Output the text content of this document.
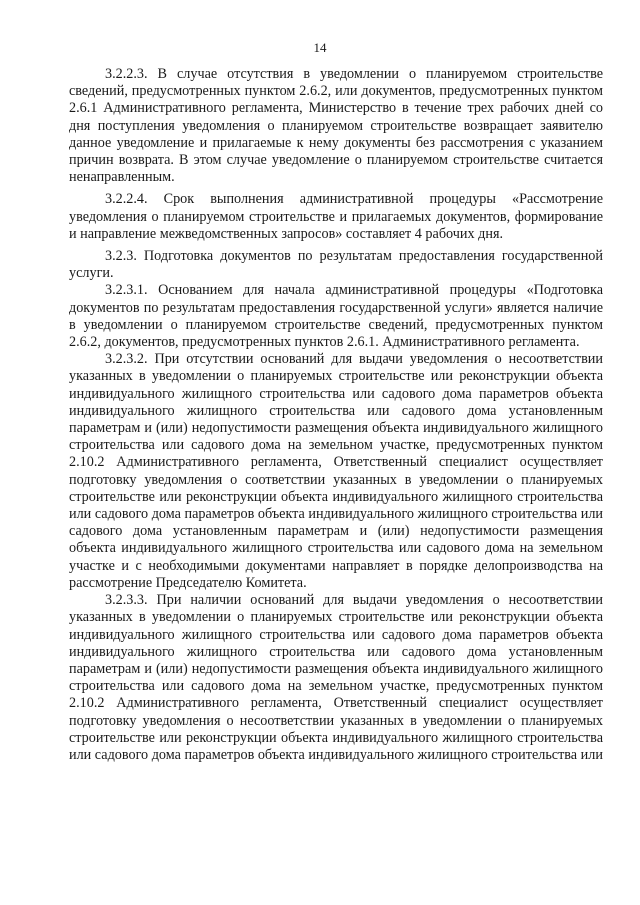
14

3.2.2.3. В случае отсутствия в уведомлении о планируемом строительстве сведений, предусмотренных пунктом 2.6.2, или документов, предусмотренных пунктом 2.6.1 Административного регламента, Министерство в течение трех рабочих дней со дня поступления уведомления о планируемом строительстве возвращает заявителю данное уведомление и прилагаемые к нему документы без рассмотрения с указанием причин возврата. В этом случае уведомление о планируемом строительстве считается ненаправленным.

3.2.2.4. Срок выполнения административной процедуры «Рассмотрение уведомления о планируемом строительстве и прилагаемых документов, формирование и направление межведомственных запросов» составляет 4 рабочих дня.

3.2.3. Подготовка документов по результатам предоставления государственной услуги.

3.2.3.1. Основанием для начала административной процедуры «Подготовка документов по результатам предоставления государственной услуги» является наличие в уведомлении о планируемом строительстве сведений, предусмотренных пунктом 2.6.2, документов, предусмотренных пунктов 2.6.1. Административного регламента.

3.2.3.2. При отсутствии оснований для выдачи уведомления о несоответствии указанных в уведомлении о планируемых строительстве или реконструкции объекта индивидуального жилищного строительства или садового дома параметров объекта индивидуального жилищного строительства или садового дома установленным параметрам и (или) недопустимости размещения объекта индивидуального жилищного строительства или садового дома на земельном участке, предусмотренных пунктом 2.10.2 Административного регламента, Ответственный специалист осуществляет подготовку уведомления о соответствии указанных в уведомлении о планируемых строительстве или реконструкции объекта индивидуального жилищного строительства или садового дома параметров объекта индивидуального жилищного строительства или садового дома установленным параметрам и (или) недопустимости размещения объекта индивидуального жилищного строительства или садового дома на земельном участке и с необходимыми документами направляет в порядке делопроизводства на рассмотрение Председателю Комитета.

3.2.3.3. При наличии оснований для выдачи уведомления о несоответствии указанных в уведомлении о планируемых строительстве или реконструкции объекта индивидуального жилищного строительства или садового дома параметров объекта индивидуального жилищного строительства или садового дома установленным параметрам и (или) недопустимости размещения объекта индивидуального жилищного строительства или садового дома на земельном участке, предусмотренных пунктом 2.10.2 Административного регламента, Ответственный специалист осуществляет подготовку уведомления о несоответствии указанных в уведомлении о планируемых строительстве или реконструкции объекта индивидуального жилищного строительства или садового дома параметров объекта индивидуального жилищного строительства или
